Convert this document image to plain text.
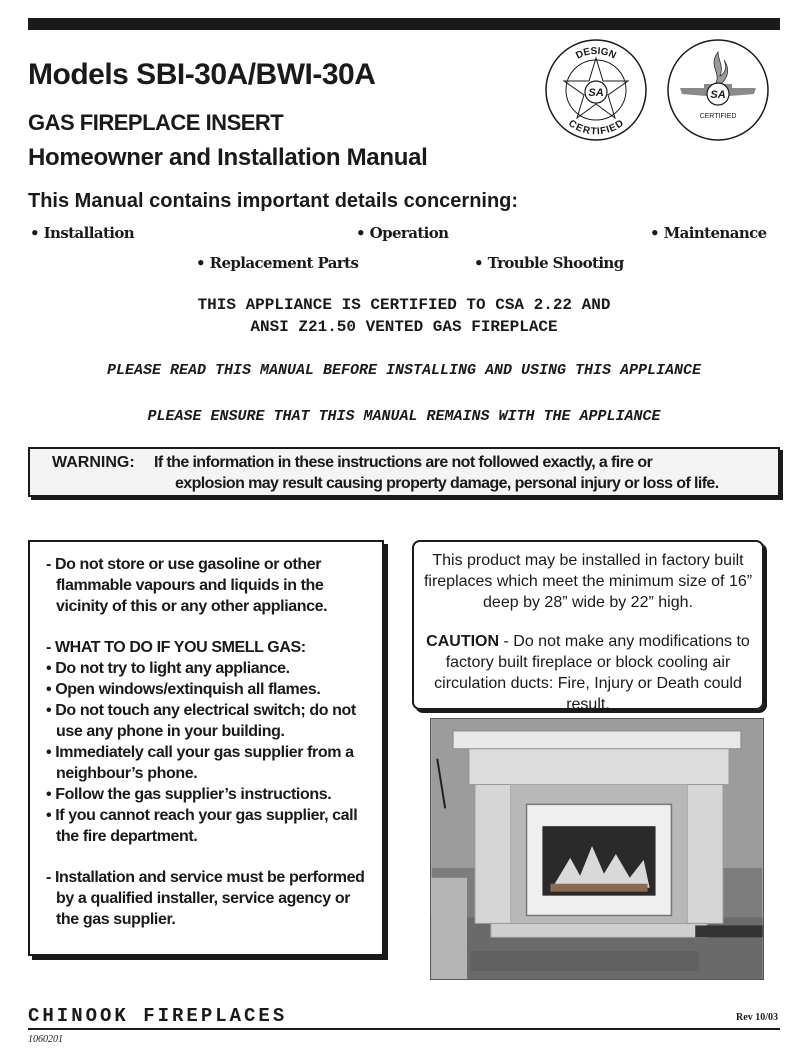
Models SBI-30A/BWI-30A
GAS FIREPLACE INSERT
Homeowner and Installation Manual
This Manual contains important details concerning:
SA
DESIGN
CERTIFIED
SA
CERTIFIED
• Installation	• Operation	• Maintenance
• Replacement Parts	• Trouble Shooting
THIS APPLIANCE IS CERTIFIED TO CSA 2.22 AND
ANSI Z21.50 VENTED GAS FIREPLACE
PLEASE READ THIS MANUAL BEFORE INSTALLING AND USING THIS APPLIANCE
PLEASE ENSURE THAT THIS MANUAL REMAINS WITH THE APPLIANCE
WARNING: If the information in these instructions are not followed exactly, a fire or
explosion may result causing property damage, personal injury or loss of life.

- Do not store or use gasoline or other flammable vapours and liquids in the vicinity of this or any other appliance.

- WHAT TO DO IF YOU SMELL GAS:

• Do not try to light any appliance.

• Open windows/extinquish all flames.

• Do not touch any electrical switch; do not use any phone in your building.

• Immediately call your gas supplier from a neighbour’s phone.

• Follow the gas supplier’s instructions.

• If you cannot reach your gas supplier, call the fire department.

- Installation and service must be performed by a qualified installer, service agency or the gas supplier.

This product may be installed in factory built fireplaces which meet the minimum size of 16” deep by 28” wide by 22” high.

CAUTION - Do not make any modifications to factory built fireplace or block cooling air circulation ducts: Fire, Injury or Death could result.

CHINOOK FIREPLACES	Rev 10/03
1060201
